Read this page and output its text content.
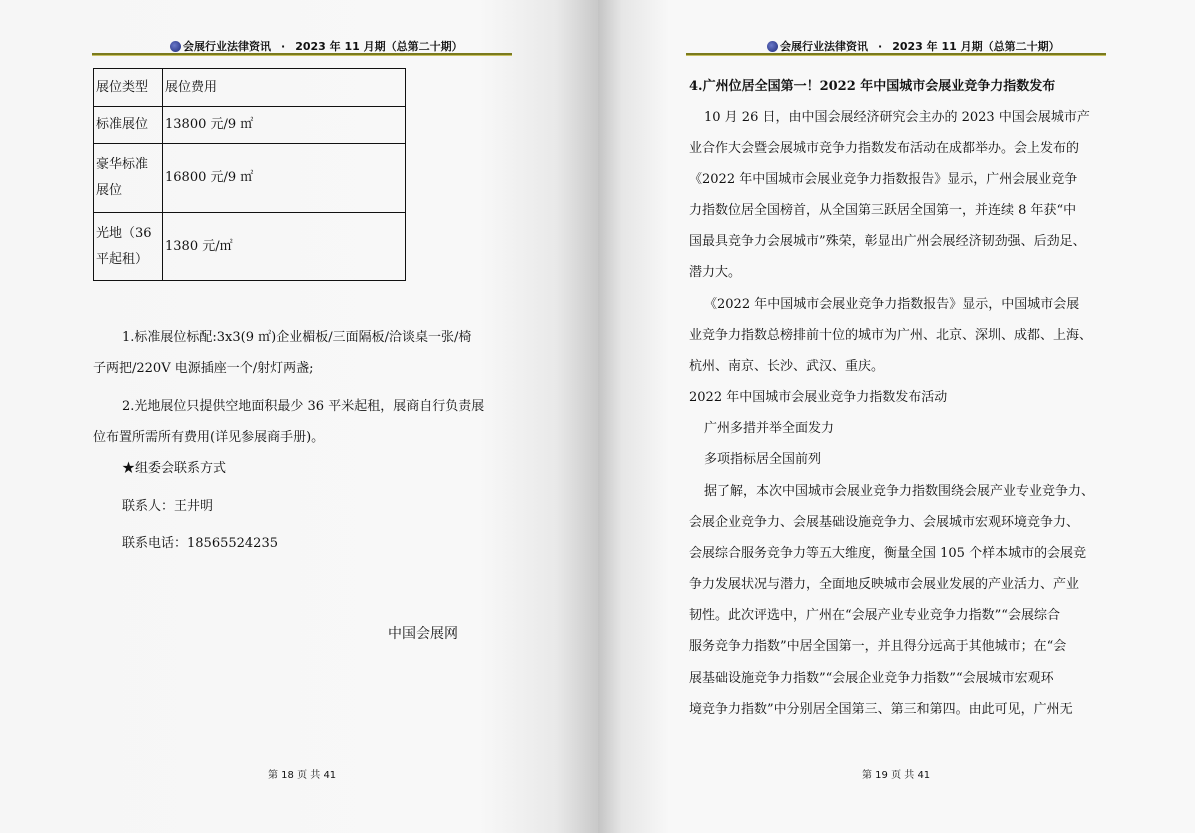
会展行业法律资讯 · 2023 年 11 月期（总第二十期）
展位类型	展位费用
标准展位	13800 元/9 ㎡

豪华标准
展位	16800 元/9 ㎡

光地（36
平起租）	1380 元/㎡
1.标准展位标配:3x3(9 ㎡)企业楣板/三面隔板/洽谈桌一张/椅
子两把/220V 电源插座一个/射灯两盏;
2.光地展位只提供空地面积最少 36 平米起租，展商自行负责展
位布置所需所有费用(详见参展商手册)。
★组委会联系方式
联系人：王井明
联系电话：18565524235
中国会展网
第 18 页 共 41
会展行业法律资讯 · 2023 年 11 月期（总第二十期）
4.广州位居全国第一！2022 年中国城市会展业竞争力指数发布
10 月 26 日，由中国会展经济研究会主办的 2023 中国会展城市产
业合作大会暨会展城市竞争力指数发布活动在成都举办。会上发布的
《2022 年中国城市会展业竞争力指数报告》显示，广州会展业竞争
力指数位居全国榜首，从全国第三跃居全国第一，并连续 8 年获“中
国最具竞争力会展城市”殊荣，彰显出广州会展经济韧劲强、后劲足、
潜力大。
《2022 年中国城市会展业竞争力指数报告》显示，中国城市会展
业竞争力指数总榜排前十位的城市为广州、北京、深圳、成都、上海、
杭州、南京、长沙、武汉、重庆。
2022 年中国城市会展业竞争力指数发布活动
广州多措并举全面发力
多项指标居全国前列
据了解，本次中国城市会展业竞争力指数围绕会展产业专业竞争力、
会展企业竞争力、会展基础设施竞争力、会展城市宏观环境竞争力、
会展综合服务竞争力等五大维度，衡量全国 105 个样本城市的会展竞
争力发展状况与潜力，全面地反映城市会展业发展的产业活力、产业
韧性。此次评选中，广州在“会展产业专业竞争力指数”“会展综合
服务竞争力指数”中居全国第一，并且得分远高于其他城市；在“会
展基础设施竞争力指数”“会展企业竞争力指数”“会展城市宏观环
境竞争力指数”中分别居全国第三、第三和第四。由此可见，广州无
第 19 页 共 41
